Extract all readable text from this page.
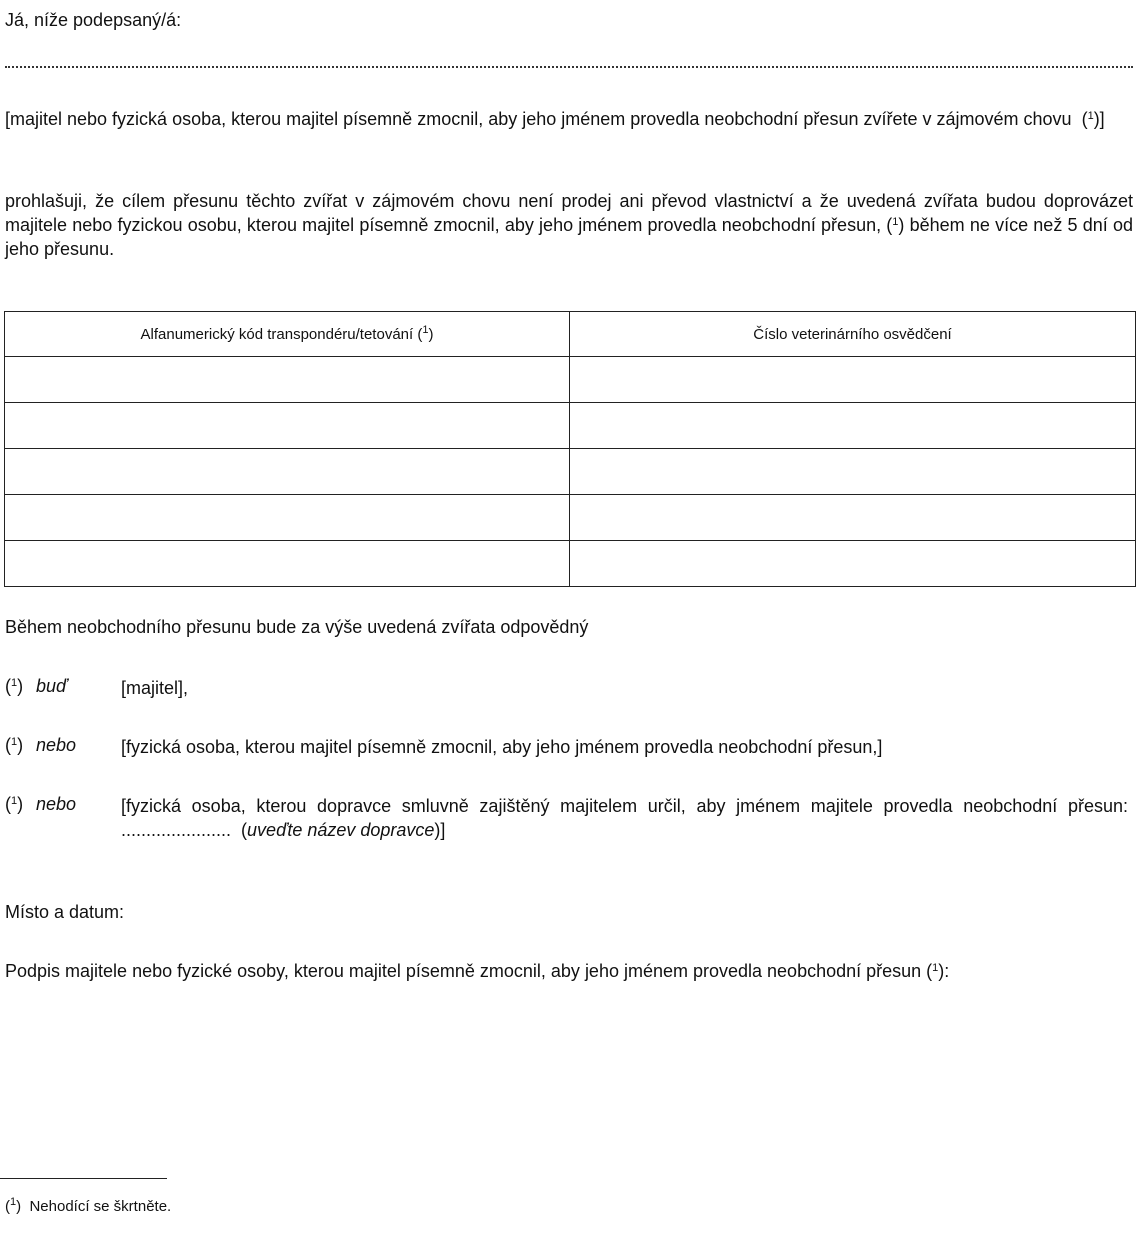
Já, níže podepsaný/á:
[majitel nebo fyzická osoba, kterou majitel písemně zmocnil, aby jeho jménem provedla neobchodní přesun zvířete v zájmovém chovu ($^1$)]
prohlašuji, že cílem přesunu těchto zvířat v zájmovém chovu není prodej ani převod vlastnictví a že uvedená zvířata budou doprovázet majitele nebo fyzickou osobu, kterou majitel písemně zmocnil, aby jeho jménem provedla neobchodní přesun, ($^1$) během ne více než 5 dní od jeho přesunu.
Alfanumerický kód transpondéru/tetování ($^1$)	Číslo veterinárního osvědčení

Během neobchodního přesunu bude za výše uvedená zvířata odpovědný
($^1$) buď	[majitel],
($^1$) nebo [fyzická osoba, kterou majitel písemně zmocnil, aby jeho jménem provedla neobchodní přesun,]
($^1$) nebo [fyzická osoba, kterou dopravce smluvně zajištěný majitelem určil, aby jménem majitele provedla neobchodní přesun:  ...................... (uveďte název dopravce)]
Místo a datum:
Podpis majitele nebo fyzické osoby, kterou majitel písemně zmocnil, aby jeho jménem provedla neobchodní přesun ($^1$):
($^1$) Nehodící se škrtněte.
